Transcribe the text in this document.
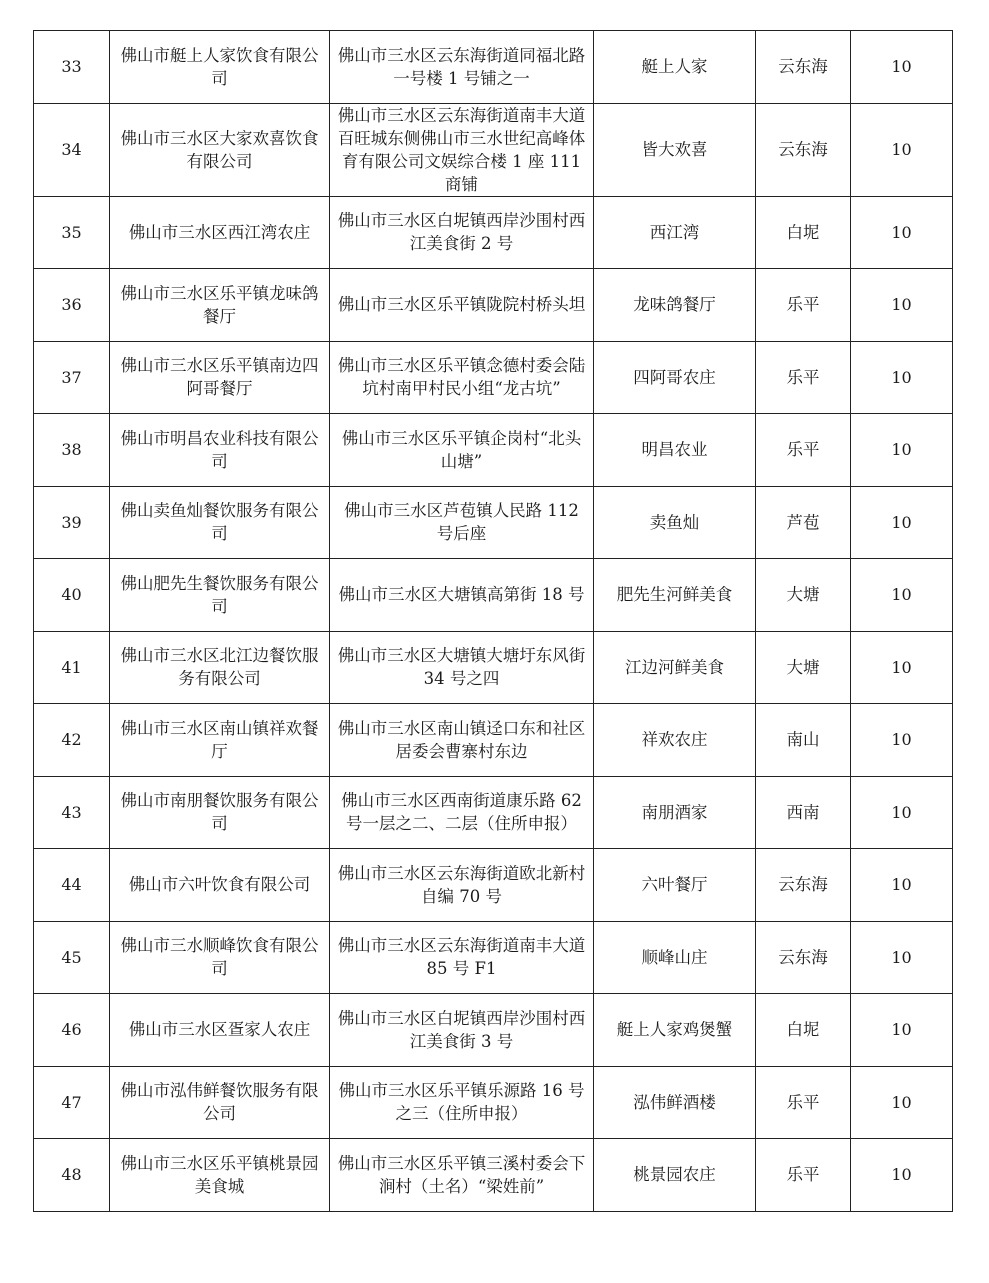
33	佛山市艇上人家饮食有限公司	佛山市三水区云东海街道同福北路一号楼 1 号铺之一	艇上人家	云东海	10
34	佛山市三水区大家欢喜饮食有限公司	佛山市三水区云东海街道南丰大道百旺城东侧佛山市三水世纪高峰体育有限公司文娱综合楼 1 座 111 商铺	皆大欢喜	云东海	10
35	佛山市三水区西江湾农庄	佛山市三水区白坭镇西岸沙围村西江美食街 2 号	西江湾	白坭	10
36	佛山市三水区乐平镇龙味鸽餐厅	佛山市三水区乐平镇陇院村桥头坦	龙味鸽餐厅	乐平	10
37	佛山市三水区乐平镇南边四阿哥餐厅	佛山市三水区乐平镇念德村委会陆坑村南甲村民小组“龙古坑”	四阿哥农庄	乐平	10
38	佛山市明昌农业科技有限公司	佛山市三水区乐平镇企岗村“北头山塘”	明昌农业	乐平	10
39	佛山卖鱼灿餐饮服务有限公司	佛山市三水区芦苞镇人民路 112 号后座	卖鱼灿	芦苞	10
40	佛山肥先生餐饮服务有限公司	佛山市三水区大塘镇高第街 18 号	肥先生河鲜美食	大塘	10
41	佛山市三水区北江边餐饮服务有限公司	佛山市三水区大塘镇大塘圩东风街 34 号之四	江边河鲜美食	大塘	10
42	佛山市三水区南山镇祥欢餐厅	佛山市三水区南山镇迳口东和社区居委会曹寨村东边	祥欢农庄	南山	10
43	佛山市南朋餐饮服务有限公司	佛山市三水区西南街道康乐路 62 号一层之二、二层（住所申报）	南朋酒家	西南	10
44	佛山市六叶饮食有限公司	佛山市三水区云东海街道欧北新村自编 70 号	六叶餐厅	云东海	10
45	佛山市三水顺峰饮食有限公司	佛山市三水区云东海街道南丰大道 85 号 F1	顺峰山庄	云东海	10
46	佛山市三水区疍家人农庄	佛山市三水区白坭镇西岸沙围村西江美食街 3 号	艇上人家鸡煲蟹	白坭	10
47	佛山市泓伟鲜餐饮服务有限公司	佛山市三水区乐平镇乐源路 16 号之三（住所申报）	泓伟鲜酒楼	乐平	10
48	佛山市三水区乐平镇桃景园美食城	佛山市三水区乐平镇三溪村委会下涧村（土名）“梁姓前”	桃景园农庄	乐平	10
